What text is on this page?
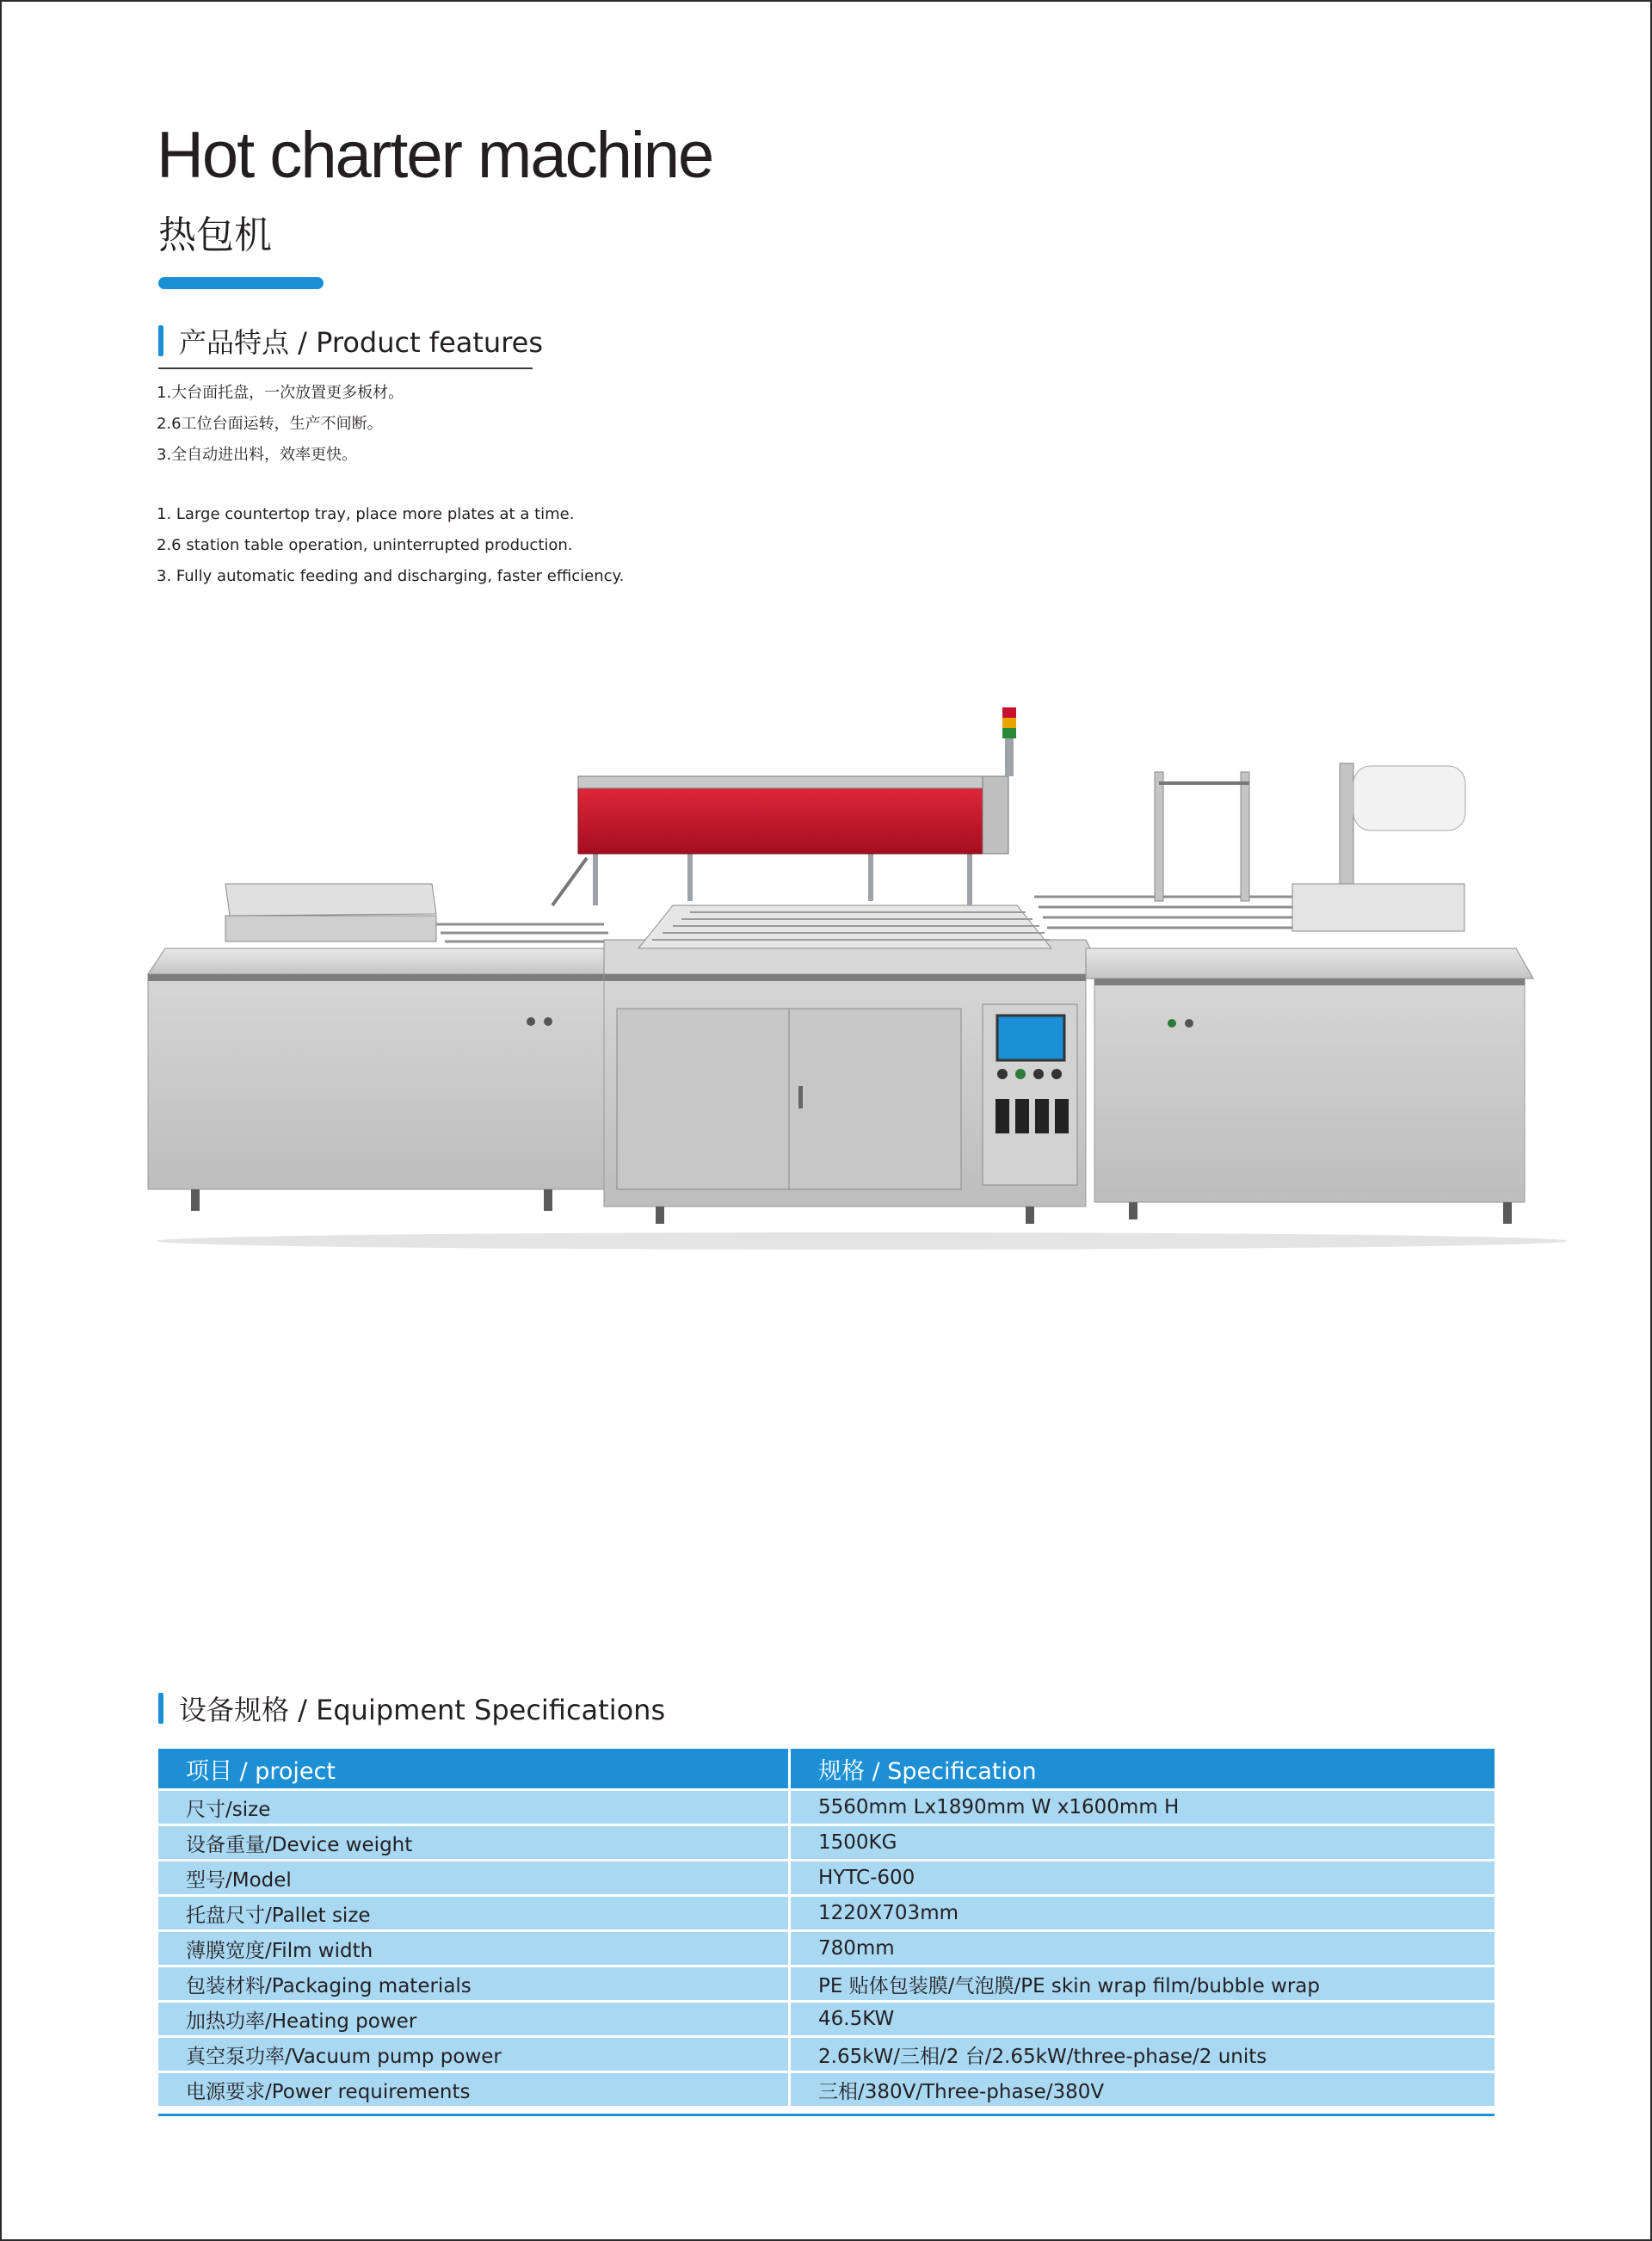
Hot charter machine
热包机
产品特点 / Product features
1.大台面托盘，一次放置更多板材。
2.6工位台面运转，生产不间断。
3.全自动进出料，效率更快。
1. Large countertop tray, place more plates at a time.
2.6 station table operation, uninterrupted production.
3. Fully automatic feeding and discharging, faster efficiency.
设备规格 / Equipment Specifications
项目 / project	规格 / Specification
尺寸/size	5560mm Lx1890mm W x1600mm H
设备重量/Device weight	1500KG
型号/Model	HYTC-600
托盘尺寸/Pallet size	1220X703mm
薄膜宽度/Film width	780mm
包装材料/Packaging materials	PE 贴体包装膜/气泡膜/PE skin wrap film/bubble wrap
加热功率/Heating power	46.5KW
真空泵功率/Vacuum pump power	2.65kW/三相/2 台/2.65kW/three-phase/2 units
电源要求/Power requirements	三相/380V/Three-phase/380V
